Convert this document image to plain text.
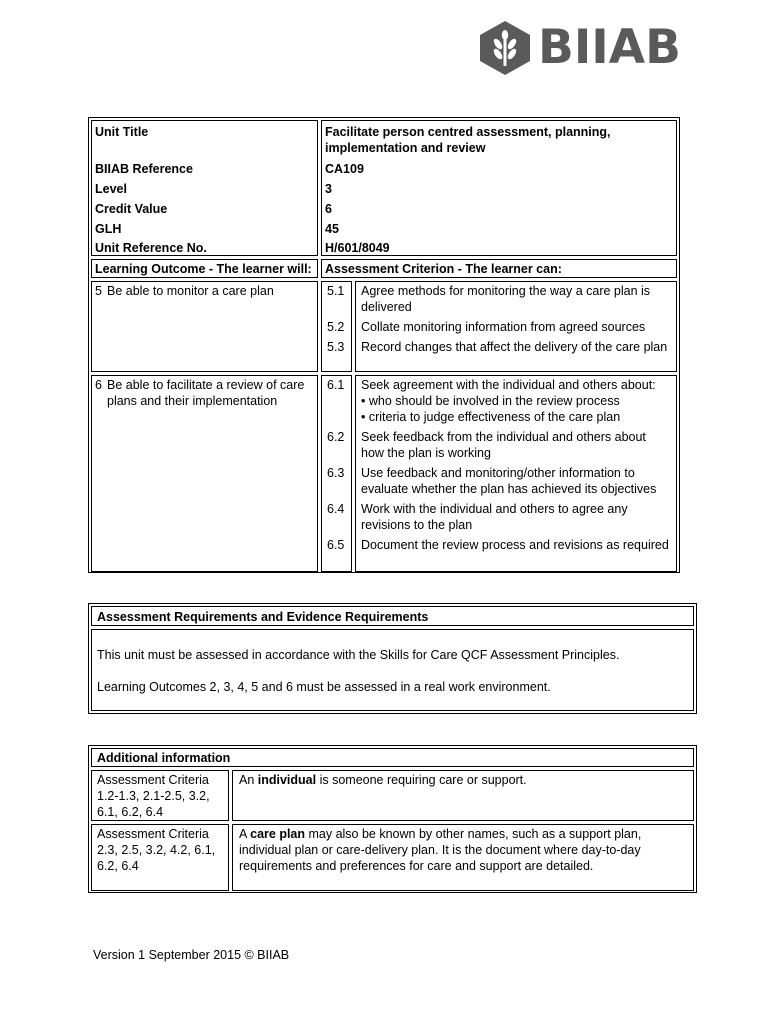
BIIAB
Unit Title
BIIAB Reference
Level
Credit Value
GLH
Unit Reference No.
Facilitate person centred assessment, planning, implementation and review
CA109
3
6
45
H/601/8049
Learning Outcome - The learner will:	Assessment Criterion - The learner can:
5 Be able to monitor a care plan	5.1
5.2
5.3
Agree methods for monitoring the way a care plan is delivered
Collate monitoring information from agreed sources
Record changes that affect the delivery of the care plan
6 Be able to facilitate a review of care plans and their implementation
6.1
6.2
6.3
6.4
6.5
Seek agreement with the individual and others about:
• who should be involved in the review process
• criteria to judge effectiveness of the care plan
Seek feedback from the individual and others about how the plan is working
Use feedback and monitoring/other information to evaluate whether the plan has achieved its objectives
Work with the individual and others to agree any revisions to the plan
Document the review process and revisions as required
Assessment Requirements and Evidence Requirements
This unit must be assessed in accordance with the Skills for Care QCF Assessment Principles.
Learning Outcomes 2, 3, 4, 5 and 6 must be assessed in a real work environment.
Additional information
Assessment Criteria 1.2-1.3, 2.1-2.5, 3.2, 6.1, 6.2, 6.4
An individual is someone requiring care or support.
Assessment Criteria 2.3, 2.5, 3.2, 4.2, 6.1, 6.2, 6.4
A care plan may also be known by other names, such as a support plan, individual plan or care-delivery plan. It is the document where day-to-day requirements and preferences for care and support are detailed.
Version 1 September 2015 © BIIAB
